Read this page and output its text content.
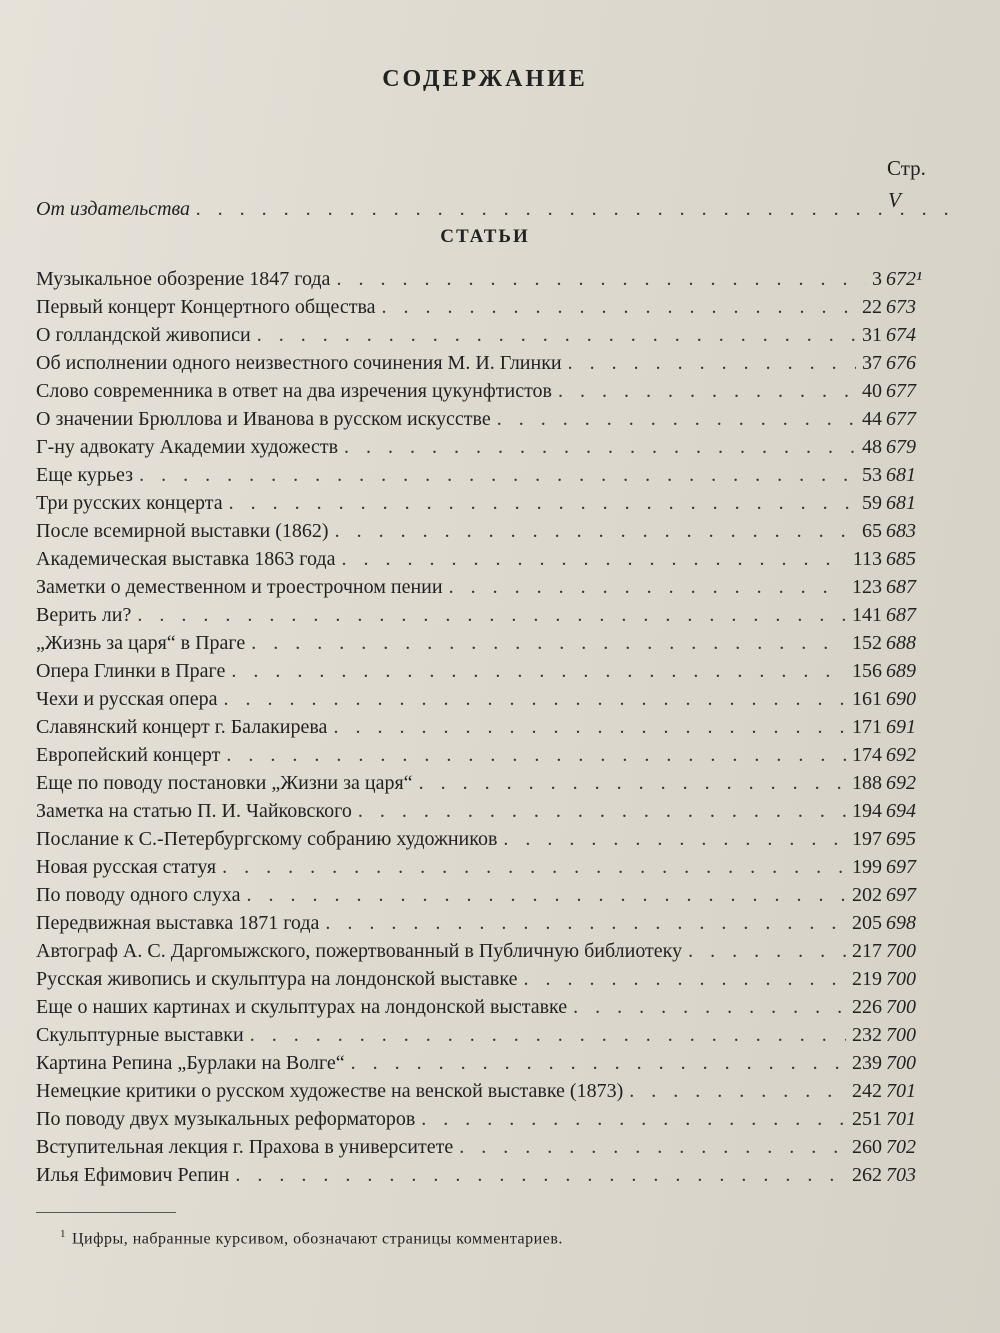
СОДЕРЖАНИЕ
Стр.
От издательства . . .	V
СТАТЬИ
Музыкальное обозрение 1847 года . . .	3 672¹
Первый концерт Концертного общества . . .	22 673
О голландской живописи . . .	31 674
Об исполнении одного неизвестного сочинения М. И. Глинки . . .	37 676
Слово современника в ответ на два изречения цукунфтистов . . .	40 677
О значении Брюллова и Иванова в русском искусстве . . .	44 677
Г-ну адвокату Академии художеств . . .	48 679
Еще курьез . . .	53 681
Три русских концерта . . .	59 681
После всемирной выставки (1862) . . .	65 683
Академическая выставка 1863 года . . .	113 685
Заметки о демественном и троестрочном пении . . .	123 687
Верить ли? . . .	141 687
„Жизнь за царя“ в Праге . . .	152 688
Опера Глинки в Праге . . .	156 689
Чехи и русская опера . . .	161 690
Славянский концерт г. Балакирева . . .	171 691
Европейский концерт . . .	174 692
Еще по поводу постановки „Жизни за царя“ . . .	188 692
Заметка на статью П. И. Чайковского . . .	194 694
Послание к С.-Петербургскому собранию художников . . .	197 695
Новая русская статуя . . .	199 697
По поводу одного слуха . . .	202 697
Передвижная выставка 1871 года . . .	205 698
Автограф А. С. Даргомыжского, пожертвованный в Публичную библиотеку . . .	217 700
Русская живопись и скульптура на лондонской выставке . . .	219 700
Еще о наших картинах и скульптурах на лондонской выставке . . .	226 700
Скульптурные выставки . . .	232 700
Картина Репина „Бурлаки на Волге“ . . .	239 700
Немецкие критики о русском художестве на венской выставке (1873) . . .	242 701
По поводу двух музыкальных реформаторов . . .	251 701
Вступительная лекция г. Прахова в университете . . .	260 702
Илья Ефимович Репин . . .	262 703
$^1$ Цифры, набранные курсивом, обозначают страницы комментариев.
